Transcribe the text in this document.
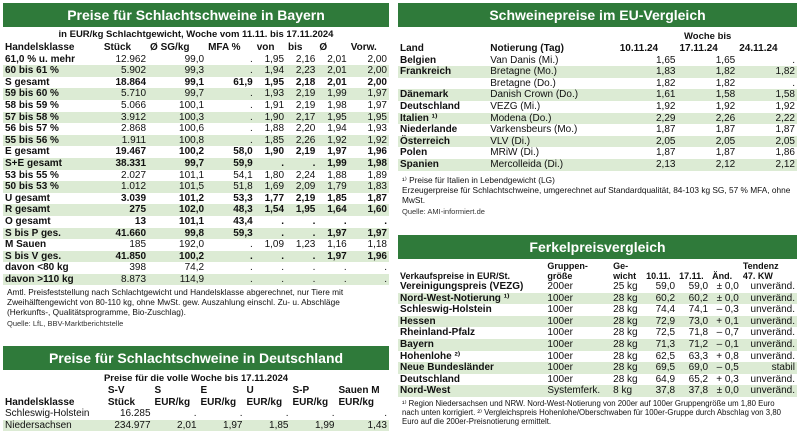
Preise für Schlachtschweine in Bayern
in EUR/kg Schlachtgewicht, Woche vom 11.11. bis 17.11.2024
Handelsklasse	Stück	Ø SG/kg	MFA %	von	bis	Ø	Vorw.
61,0 % u. mehr	12.962	99,0	.	1,95	2,16	2,01	2,00
60 bis 61 %	5.902	99,3	.	1,94	2,23	2,01	2,00
S gesamt	18.864	99,1	61,9	1,95	2,18	2,01	2,00
59 bis 60 %	5.710	99,7	.	1,93	2,19	1,99	1,97
58 bis 59 %	5.066	100,1	.	1,91	2,19	1,98	1,97
57 bis 58 %	3.912	100,3	.	1,90	2,17	1,95	1,95
56 bis 57 %	2.868	100,6	.	1,88	2,20	1,94	1,93
55 bis 56 %	1.911	100,8	.	1,85	2,26	1,92	1,92
E gesamt	19.467	100,2	58,0	1,90	2,19	1,97	1,96
S+E gesamt	38.331	99,7	59,9	.	.	1,99	1,98
53 bis 55 %	2.027	101,1	54,1	1,80	2,24	1,88	1,89
50 bis 53 %	1.012	101,5	51,8	1,69	2,09	1,79	1,83
U gesamt	3.039	101,2	53,3	1,77	2,19	1,85	1,87
R gesamt	275	102,0	48,3	1,54	1,95	1,64	1,60
O gesamt	13	101,1	43,4	.	.	.	.
S bis P ges.	41.660	99,8	59,3	.	.	1,97	1,97
M Sauen	185	192,0	.	1,09	1,23	1,16	1,18
S bis V ges.	41.850	100,2	.	.	.	1,97	1,96
davon <80 kg	398	74,2	.	.	.	.	.
davon >110 kg	8.873	114,9	.	.	.	.	.
Amtl. Preisfeststellung nach Schlachtgewicht und Handelsklasse abgerechnet, nur Tiere mit Zweihälftengewicht von 80-110 kg, ohne MwSt. gew. Auszahlung einschl. Zu- u. Abschläge (Herkunfts-, Qualitätsprogramme, Bio-Zuschlag).
Quelle: LfL, BBV-Marktberichtstelle
Preise für Schlachtschweine in Deutschland
Preise für die volle Woche bis 17.11.2024
	S-V	S	E	U	S-P	Sauen M
Handelsklasse	Stück	EUR/kg	EUR/kg	EUR/kg	EUR/kg	EUR/kg
Schleswig-Holstein	16.285	.	.	.	.	.
Niedersachsen	234.977	2,01	1,97	1,85	1,99	1,43
Schweinepreise im EU-Vergleich
Woche bis
Land	Notierung (Tag)	10.11.24	17.11.24	24.11.24
Belgien	Van Danis (Mi.)	1,65	1,65	.
Frankreich	Bretagne (Mo.)	1,83	1,82	1,82
	Bretagne (Do.)	1,82	1,82	.
Dänemark	Danish Crown (Do.)	1,61	1,58	1,58
Deutschland	VEZG (Mi.)	1,92	1,92	1,92
Italien ¹⁾	Modena (Do.)	2,29	2,26	2,22
Niederlande	Varkensbeurs (Mo.)	1,87	1,87	1,87
Österreich	VLV (Di.)	2,05	2,05	2,05
Polen	MRiW (Di.)	1,87	1,87	1,86
Spanien	Mercolleida (Di.)	2,13	2,12	2,12
¹⁾ Preise für Italien in Lebendgewicht (LG)
Erzeugerpreise für Schlachtschweine, umgerechnet auf Standardqualität, 84-103 kg SG, 57 % MFA, ohne MwSt.
Quelle: AMI-informiert.de
Ferkelpreisvergleich
Verkaufspreise in EUR/St.	Gruppen-
größe	Ge-
wicht	10.11.	17.11.	Änd.	Tendenz
47. KW
Vereinigungspreis (VEZG)	200er	25 kg	59,0	59,0	± 0,0	unveränd.
Nord-West-Notierung ¹⁾	100er	28 kg	60,2	60,2	± 0,0	unveränd.
Schleswig-Holstein	100er	28 kg	74,4	74,1	– 0,3	unveränd.
Hessen	100er	28 kg	72,9	73,0	+ 0,1	unveränd.
Rheinland-Pfalz	100er	28 kg	72,5	71,8	– 0,7	unveränd.
Bayern	100er	28 kg	71,3	71,2	– 0,1	unveränd.
Hohenlohe ²⁾	100er	28 kg	62,5	63,3	+ 0,8	unveränd.
Neue Bundesländer	100er	28 kg	69,5	69,0	– 0,5	stabil
Deutschland	100er	28 kg	64,9	65,2	+ 0,3	unveränd.
Nord-West	Systemferk.	8 kg	37,8	37,8	± 0,0	unveränd.
¹⁾ Region Niedersachsen und NRW. Nord-West-Notierung von 200er auf 100er Gruppengröße um 1,80 Euro nach unten korrigiert. ²⁾ Vergleichspreis Hohenlohe/Oberschwaben für 100er-Gruppe durch Abschlag von 3,80 Euro auf die 200er-Preisnotierung ermittelt.
